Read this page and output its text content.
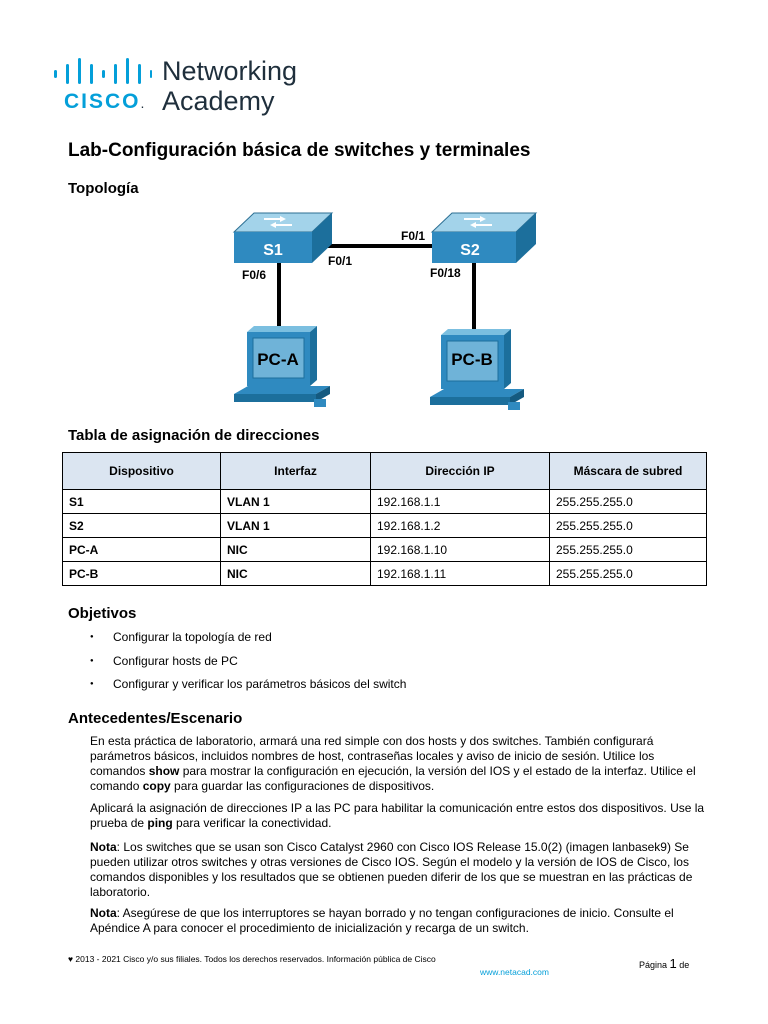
CISCO.
Networking
Academy
Lab-Configuración básica de switches y terminales
Topología
S1	S2
F0/6
F0/1
F0/1
F0/18
PC-A	PC-B
Tabla de asignación de direcciones
Dispositivo	Interfaz	Dirección IP	Máscara de subred
S1	VLAN 1	192.168.1.1	255.255.255.0
S2	VLAN 1	192.168.1.2	255.255.255.0
PC-A	NIC	192.168.1.10	255.255.255.0
PC-B	NIC	192.168.1.11	255.255.255.0
Objetivos
● Configurar la topología de red
● Configurar hosts de PC
● Configurar y verificar los parámetros básicos del switch
Antecedentes/Escenario
En esta práctica de laboratorio, armará una red simple con dos hosts y dos switches. También configurará parámetros básicos, incluidos nombres de host, contraseñas locales y aviso de inicio de sesión. Utilice los comandos show para mostrar la configuración en ejecución, la versión del IOS y el estado de la interfaz. Utilice el comando copy para guardar las configuraciones de dispositivos.
Aplicará la asignación de direcciones IP a las PC para habilitar la comunicación entre estos dos dispositivos. Use la prueba de ping para verificar la conectividad.
Nota: Los switches que se usan son Cisco Catalyst 2960 con Cisco IOS Release 15.0(2) (imagen lanbasek9) Se pueden utilizar otros switches y otras versiones de Cisco IOS. Según el modelo y la versión de IOS de Cisco, los comandos disponibles y los resultados que se obtienen pueden diferir de los que se muestran en las prácticas de laboratorio.
Nota: Asegúrese de que los interruptores se hayan borrado y no tengan configuraciones de inicio. Consulte el Apéndice A para conocer el procedimiento de inicialización y recarga de un switch.
♥ 2013 - 2021 Cisco y/o sus filiales. Todos los derechos reservados. Información pública de Cisco
www.netacad.com
Página 1 de
